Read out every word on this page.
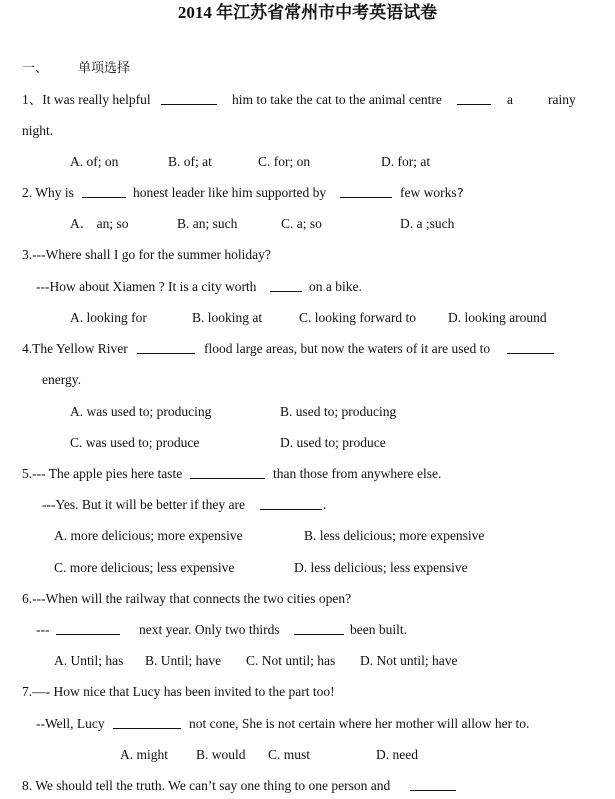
2014 年江苏省常州市中考英语试卷
一、 单项选择
1、It was really helpful	him to take the cat to the animal centre	a	rainy
night.
A. of; on	B. of; at	C. for; on	D. for; at
2. Why is	honest leader like him supported by	few works ?
A． an; so	B. an; such	C. a; so	D. a ;such
3.---Where shall I go for the summer holiday?
---How about Xiamen ? It is a city worth	on a bike.
A. looking for	B. looking at	C. looking forward to D. looking around
4.The Yellow River	flood large areas, but now the waters of it are used to
energy.
A. was used to; producing	B. used to; producing
C. was used to; produce	D. used to; produce
5.--- The apple pies here taste	than those from anywhere else.
---Yes. But it will be better if they are	.
A. more delicious; more expensive	B. less delicious; more expensive
C. more delicious; less expensive	D. less delicious; less expensive
6.---When will the railway that connects the two cities open?
---	next year. Only two thirds	been built.
A. Until; has B. Until; have C. Not until; has D. Not until; have
7.—- How nice that Lucy has been invited to the part too!
--Well, Lucy	not cone, She is not certain where her mother will allow her to.
A. might B. would C. must	D. need
8. We should tell the truth. We can’t say one thing to one person and
